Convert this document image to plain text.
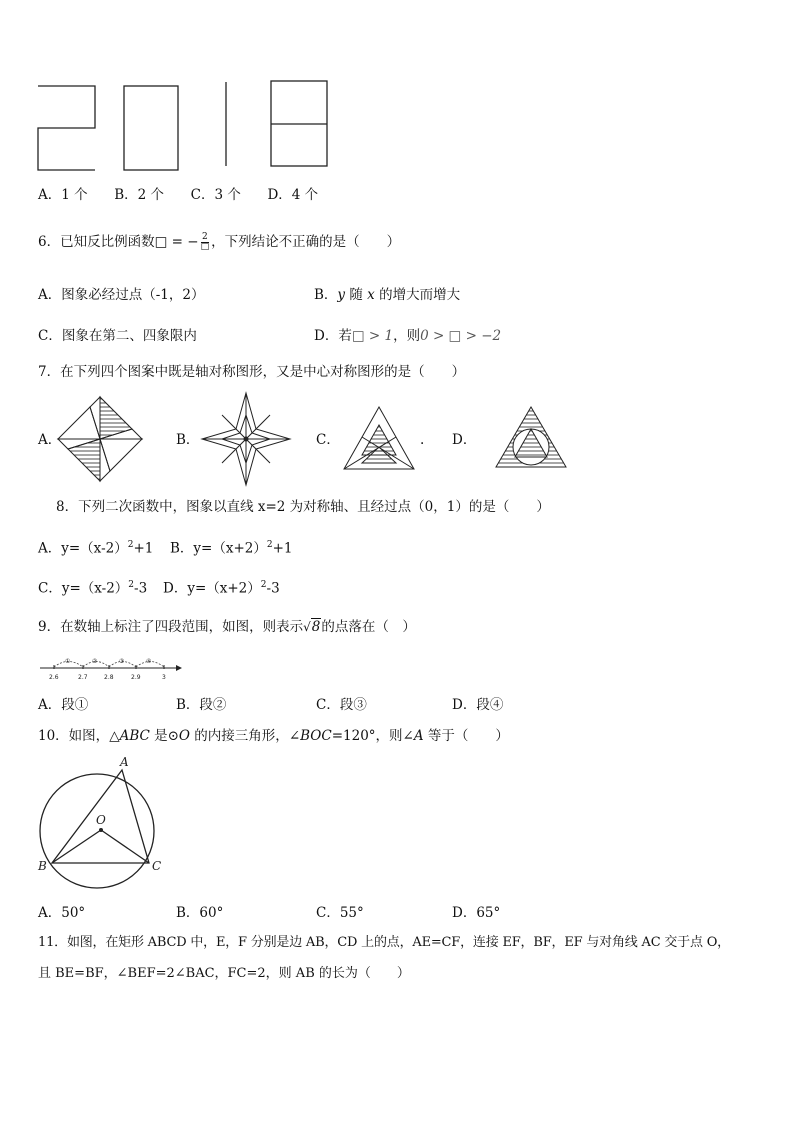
A．1 个 B．2 个 C．3 个 D．4 个
6．已知反比例函数□ = − 2
□ ，下列结论不正确的是（　　）
A．图象必经过点（-1，2）	B．y 随 x 的增大而增大
C．图象在第二、四象限内	D．若□ > 1，则0 > □ > −2
7．在下列四个图案中既是轴对称图形，又是中心对称图形的是（　　）
A．	B．	C．	. D．
8．下列二次函数中，图象以直线 x=2 为对称轴、且经过点（0，1）的是（　　）
A．$y=(x-2)^2+1$ B．$y=(x+2)^2+1$
C．$y=(x-2)^2-3$ D．$y=(x+2)^2-3$
9．在数轴上标注了四段范围，如图，则表示√8的点落在（　）
①	②	③	④
2.6	2.7	2.8	2.9	3
A．段①	B．段②	C．段③	D．段④
10．如图，△ABC 是⊙O 的内接三角形，∠BOC=120°，则∠A 等于（　　）
A
B	C
O
A．50°	B．60°	C．55°	D．65°
11．如图，在矩形 ABCD 中，E，F 分别是边 AB，CD 上的点，AE=CF，连接 EF，BF，EF 与对角线 AC 交于点 O，
且 BE=BF，∠BEF=2∠BAC，FC=2，则 AB 的长为（　　）
